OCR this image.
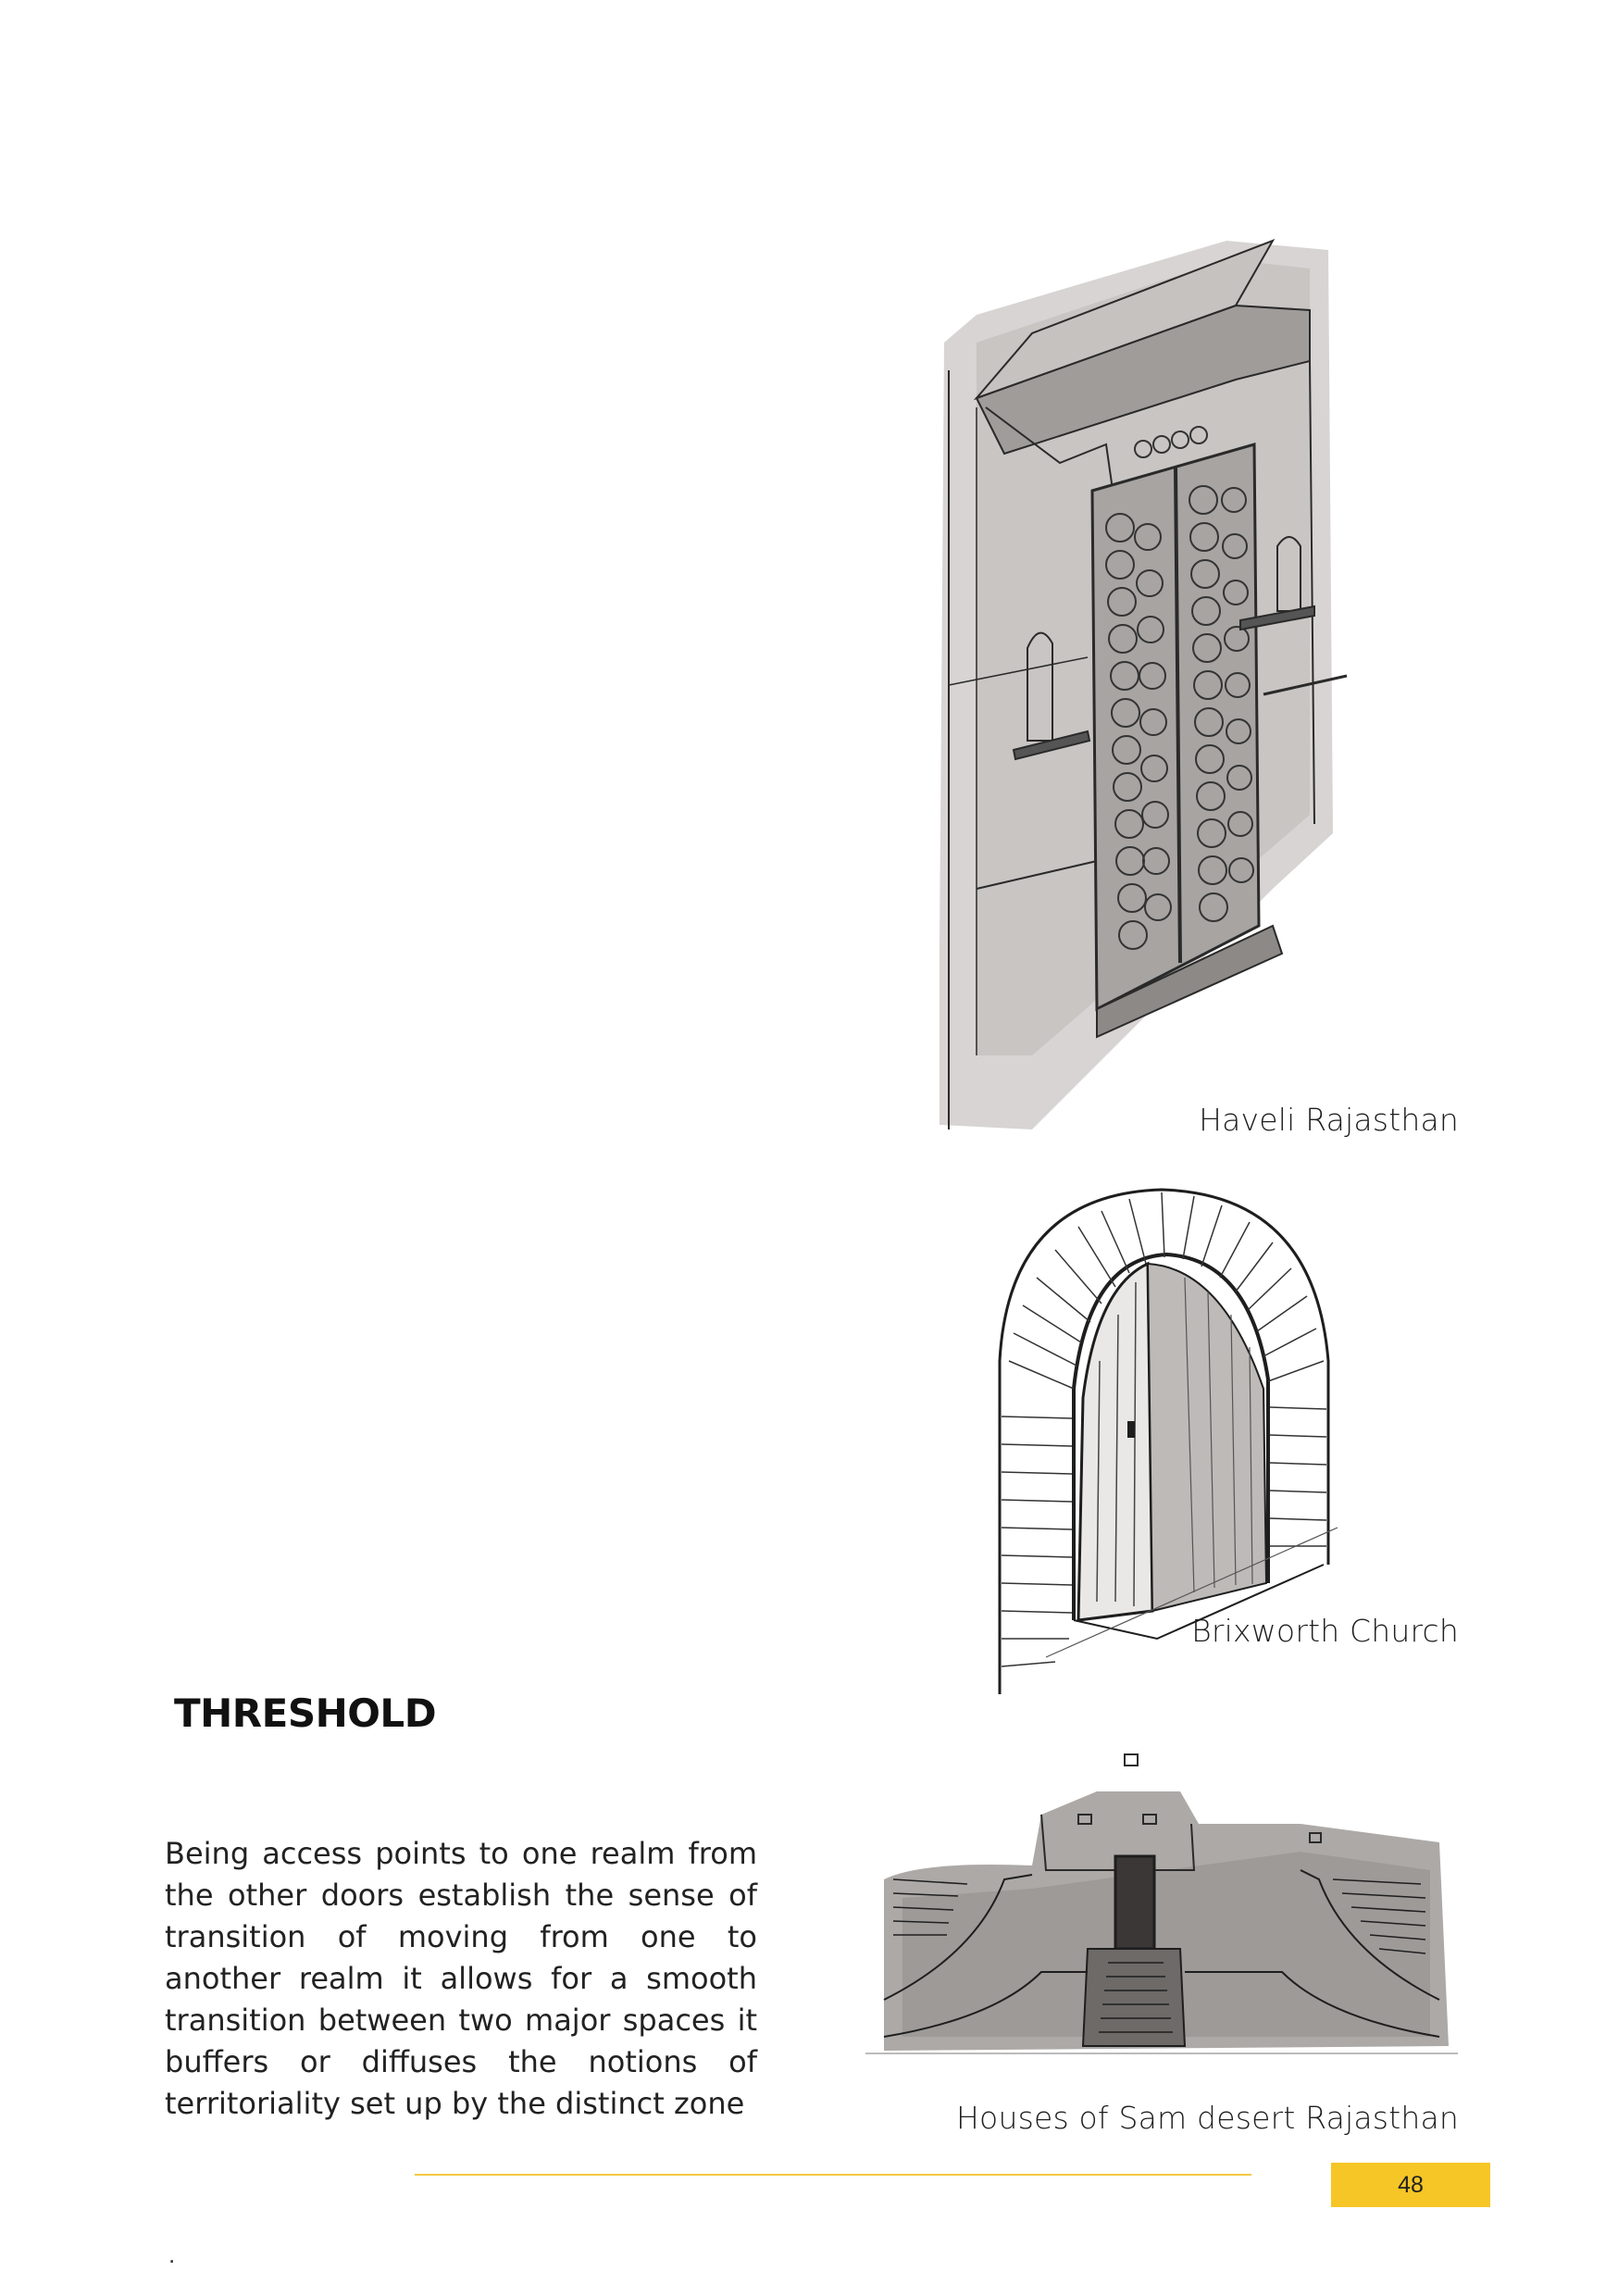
Haveli Rajasthan
Brixworth Church
THRESHOLD
Being access points to one realm from the other doors establish the sense of transition of moving from one to another realm it allows for a smooth transition between two major spaces it buffers or diffuses the notions of territoriality set up by the distinct zone	Houses of Sam desert Rajasthan
48
.
